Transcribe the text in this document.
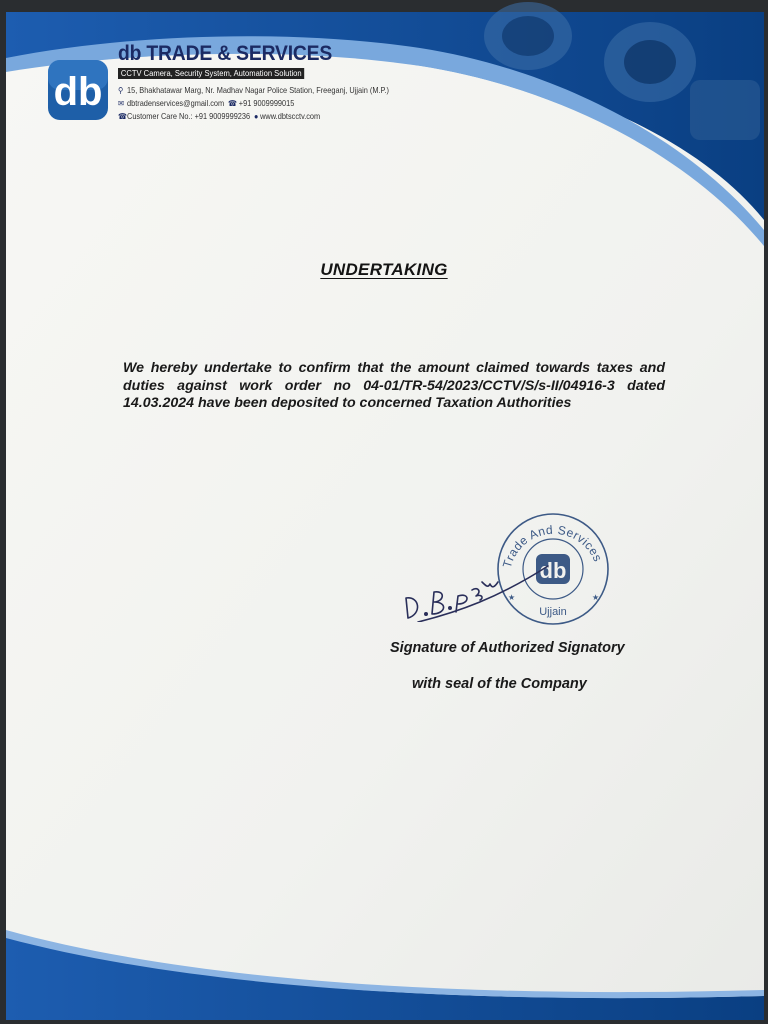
db
db TRADE & SERVICES
CCTV Camera, Security System, Automation Solution
⚲ 15, Bhakhatawar Marg, Nr. Madhav Nagar Police Station, Freeganj, Ujjain (M.P.)
✉ dbtradenservices@gmail.com ☎ +91 9009999015
☎Customer Care No.: +91 9009999236 ● www.dbtscctv.com
UNDERTAKING
We hereby undertake to confirm that the amount claimed towards taxes and duties against work order no 04-01/TR-54/2023/CCTV/S/s-II/04916-3 dated 14.03.2024 have been deposited to concerned Taxation Authorities
Trade And Services
db
Ujjain
★
★
Signature of Authorized Signatory
with seal of the Company
